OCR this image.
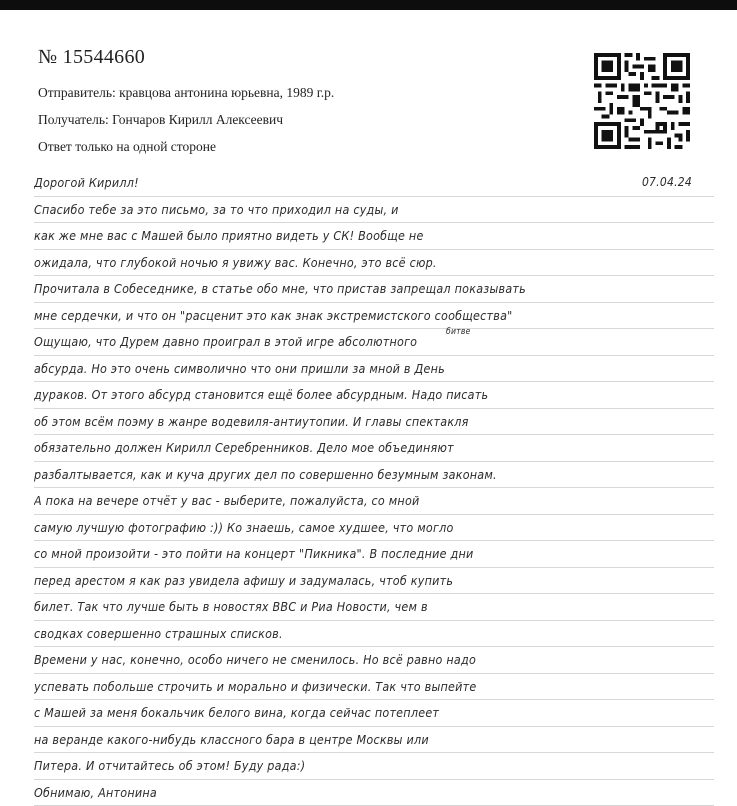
№ 15544660
Отправитель: кравцова антонина юрьевна, 1989 г.р.
Получатель: Гончаров Кирилл Алексеевич
Ответ только на одной стороне
Дорогой Кирилл!	07.04.24
Спасибо тебе за это письмо, за то что приходил на суды, и
как же мне вас с Машей было приятно видеть у СК! Вообще не
ожидала, что глубокой ночью я увижу вас. Конечно, это всё сюр.
Прочитала в Собеседнике, в статье обо мне, что пристав запрещал показывать
мне сердечки, и что он "расценит это как знак экстремистского сообщества"
Ощущаю, что Дурем давно проиграл в этой игре абсолютного
битве
абсурда. Но это очень символично что они пришли за мной в День
дураков. От этого абсурд становится ещё более абсурдным. Надо писать
об этом всём поэму в жанре водевиля-антиутопии. И главы спектакля
обязательно должен Кирилл Серебренников. Дело мое объединяют
разбалтывается, как и куча других дел по совершенно безумным законам.
А пока на вечере отчёт у вас - выберите, пожалуйста, со мной
самую лучшую фотографию :)) Ко знаешь, самое худшее, что могло
со мной произойти - это пойти на концерт "Пикника". В последние дни
перед арестом я как раз увидела афишу и задумалась, чтоб купить
билет. Так что лучше быть в новостях BBC и Риа Новости, чем в
сводках совершенно страшных списков.
Времени у нас, конечно, особо ничего не сменилось. Но всё равно надо
успевать побольше строчить и морально и физически. Так что выпейте
с Машей за меня бокальчик белого вина, когда сейчас потеплеет
на веранде какого-нибудь классного бара в центре Москвы или
Питера. И отчитайтесь об этом! Буду рада:)
Обнимаю, Антонина
